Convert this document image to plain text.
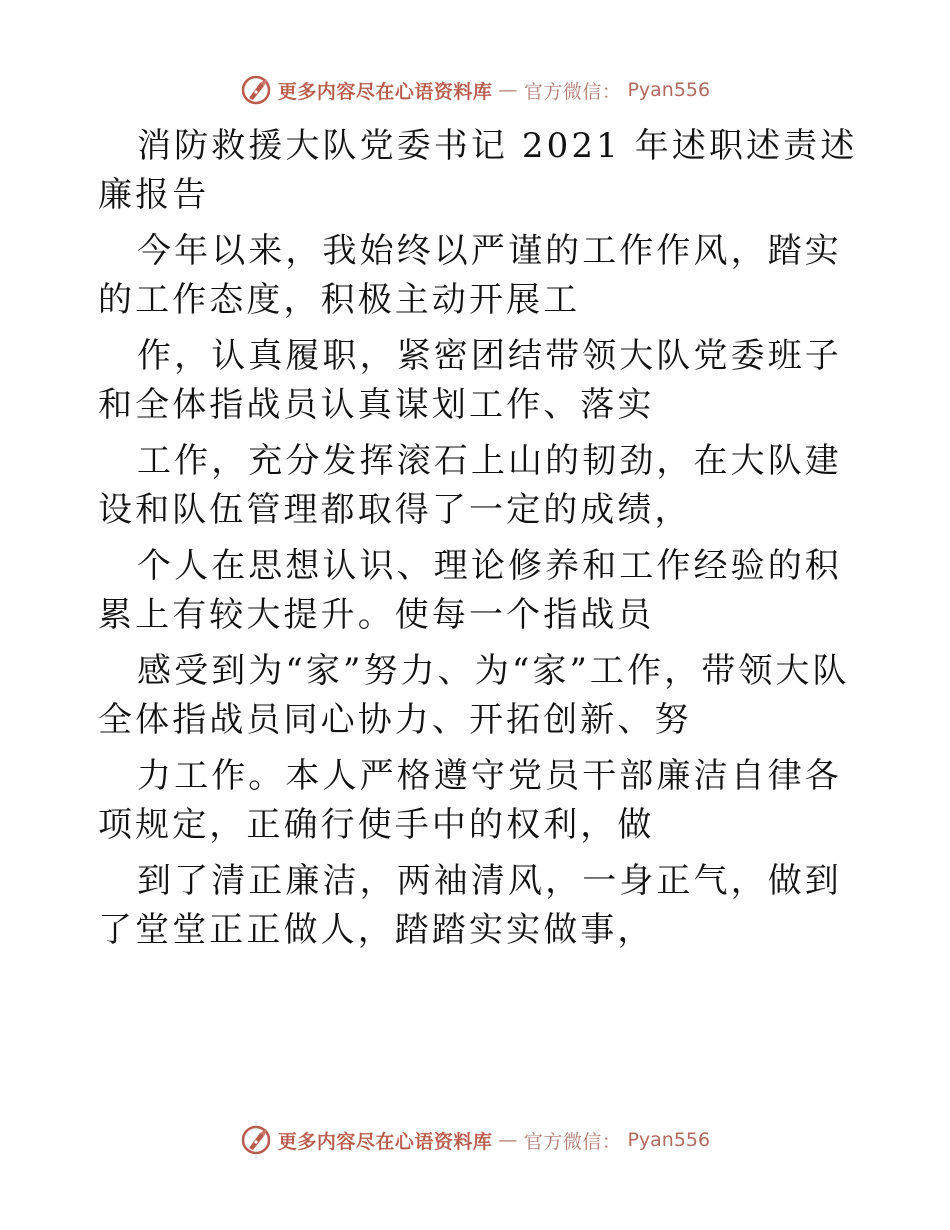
更多内容尽在心语资料库 — 官方微信： Pyan556

消防救援大队党委书记 2021 年述职述责述廉报告

今年以来，我始终以严谨的工作作风，踏实的工作态度，积极主动开展工

作，认真履职，紧密团结带领大队党委班子和全体指战员认真谋划工作、落实

工作，充分发挥滚石上山的韧劲，在大队建设和队伍管理都取得了一定的成绩，

个人在思想认识、理论修养和工作经验的积累上有较大提升。使每一个指战员

感受到为“家”努力、为“家”工作，带领大队全体指战员同心协力、开拓创新、努

力工作。本人严格遵守党员干部廉洁自律各项规定，正确行使手中的权利，做

到了清正廉洁，两袖清风，一身正气，做到了堂堂正正做人，踏踏实实做事，

更多内容尽在心语资料库 — 官方微信： Pyan556
